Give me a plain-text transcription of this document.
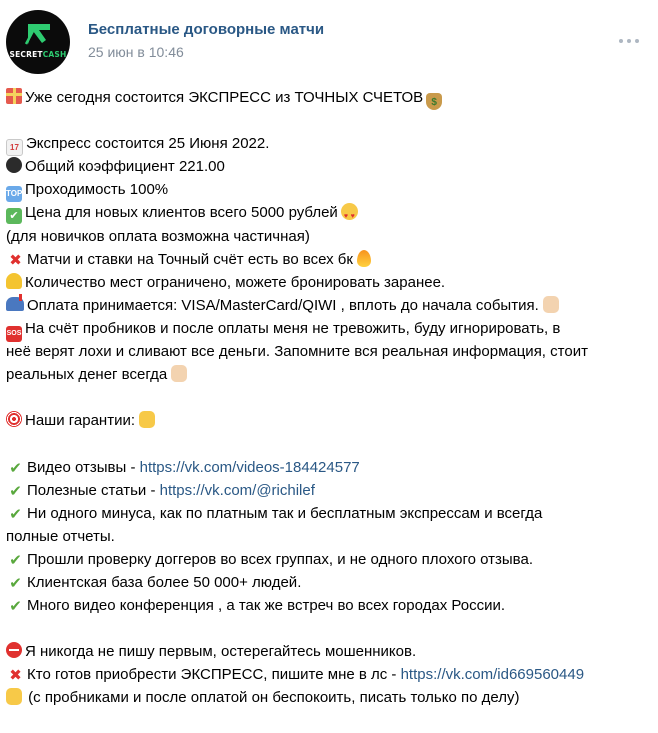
SECRETCASH
Бесплатные договорные матчи
25 июн в 10:46
Уже сегодня состоится ЭКСПРЕСС из ТОЧНЫХ СЧЕТОВ $
17 Экспресс состоится 25 Июня 2022.
Общий коэффициент 221.00
TOP Проходимость 100%
✔ Цена для новых клиентов всего 5000 рублей♥ ♥
(для новичков оплата возможна частичная)
✖ Матчи и ставки на Точный счёт есть во всех бк
Количество мест ограничено, можете бронировать заранее.
Оплата принимается: VISA/MasterCard/QIWI , вплоть до начала события.
SOS На счёт пробников и после оплаты меня не тревожить, буду игнорировать, в
неё верят лохи и сливают все деньги. Запомните вся реальная информация, стоит
реальных денег всегда
Наши гарантии:
✔ Видео отзывы - https://vk.com/videos-184424577
✔ Полезные статьи - https://vk.com/@richilef
✔ Ни одного минуса, как по платным так и бесплатным экспрессам и всегда
полные отчеты.
✔ Прошли проверку доггеров во всех группах, и не одного плохого отзыва.
✔ Клиентская база более 50 000+ людей.
✔ Много видео конференция , а так же встреч во всех городах России.
Я никогда не пишу первым, остерегайтесь мошенников.
✖ Кто готов приобрести ЭКСПРЕСС, пишите мне в лс - https://vk.com/id669560449
(с пробниками и после оплатой он беспокоить, писать только по делу)
